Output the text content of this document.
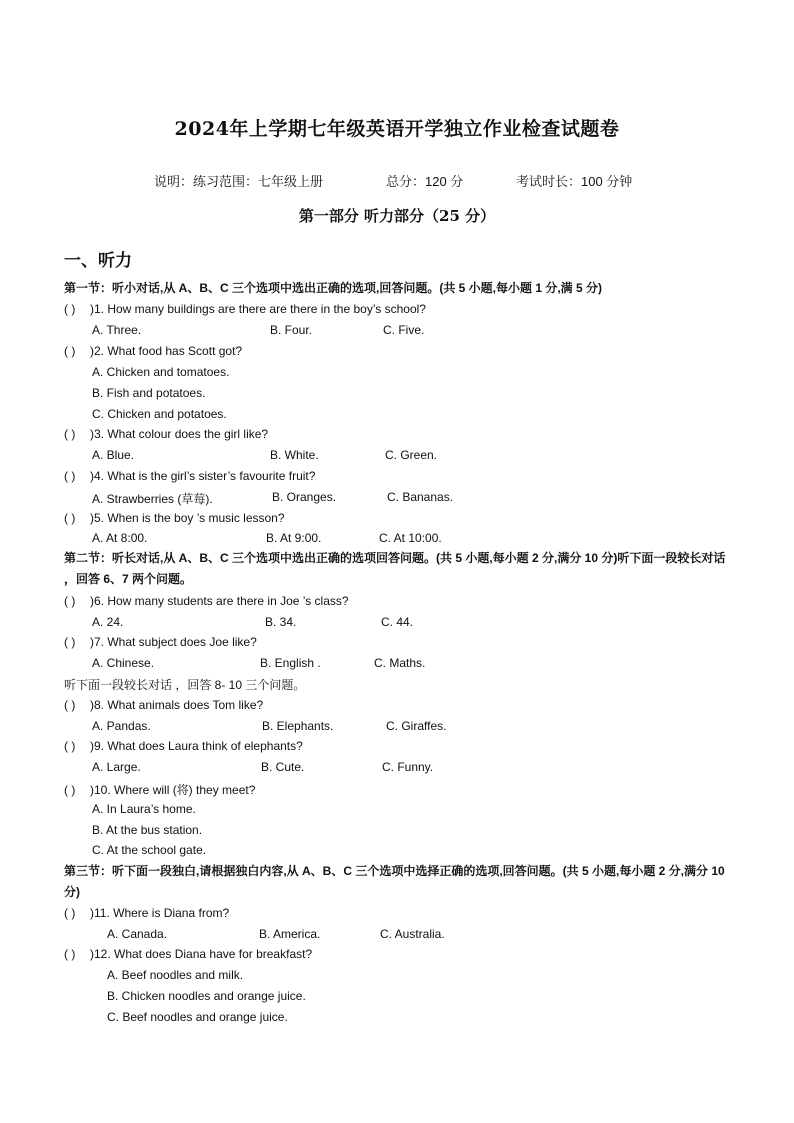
2024年上学期七年级英语开学独立作业检查试题卷
说明：练习范围：七年级上册	总分：120 分	考试时长：100 分钟
第一部分 听力部分（25 分）
一、听力
第一节：听小对话,从 A、B、C 三个选项中选出正确的选项,回答问题。(共 5 小题,每小题 1 分,满 5 分)
( ) )1. How many buildings are there are there in the boy’s school?
A. Three.	B. Four.	C. Five.
( ) )2. What food has Scott got?
A. Chicken and tomatoes.
B. Fish and potatoes.
C. Chicken and potatoes.
( ) )3. What colour does the girl like?
A. Blue.	B. White.	C. Green.
( ) )4. What is the girl’s sister’s favourite fruit?
A. Strawberries (草莓).	B. Oranges.	C. Bananas.
( ) )5. When is the boy ’s music lesson?
A. At 8:00.	B. At 9:00.	C. At 10:00.
第二节：听长对话,从 A、B、C 三个选项中选出正确的选项回答问题。(共 5 小题,每小题 2 分,满分 10 分)听下面一段较长对话 ，回答 6、7 两个问题。
( ) )6. How many students are there in Joe ’s class?
A. 24.	B. 34.	C. 44.
( ) )7. What subject does Joe like?
A. Chinese.	B. English .	C. Maths.
听下面一段较长对话 ，回答 8- 10 三个问题。
( ) )8. What animals does Tom like?
A. Pandas.	B. Elephants.	C. Giraffes.
( ) )9. What does Laura think of elephants?
A. Large.	B. Cute.	C. Funny.
( ) )10. Where will (将) they meet?
A. In Laura’s home.
B. At the bus station.
C. At the school gate.
第三节：听下面一段独白,请根据独白内容,从 A、B、C 三个选项中选择正确的选项,回答问题。(共 5 小题,每小题 2 分,满分 10 分)
( ) )11. Where is Diana from?
A. Canada.	B. America.	C. Australia.
( ) )12. What does Diana have for breakfast?
A. Beef noodles and milk.
B. Chicken noodles and orange juice.
C. Beef noodles and orange juice.
